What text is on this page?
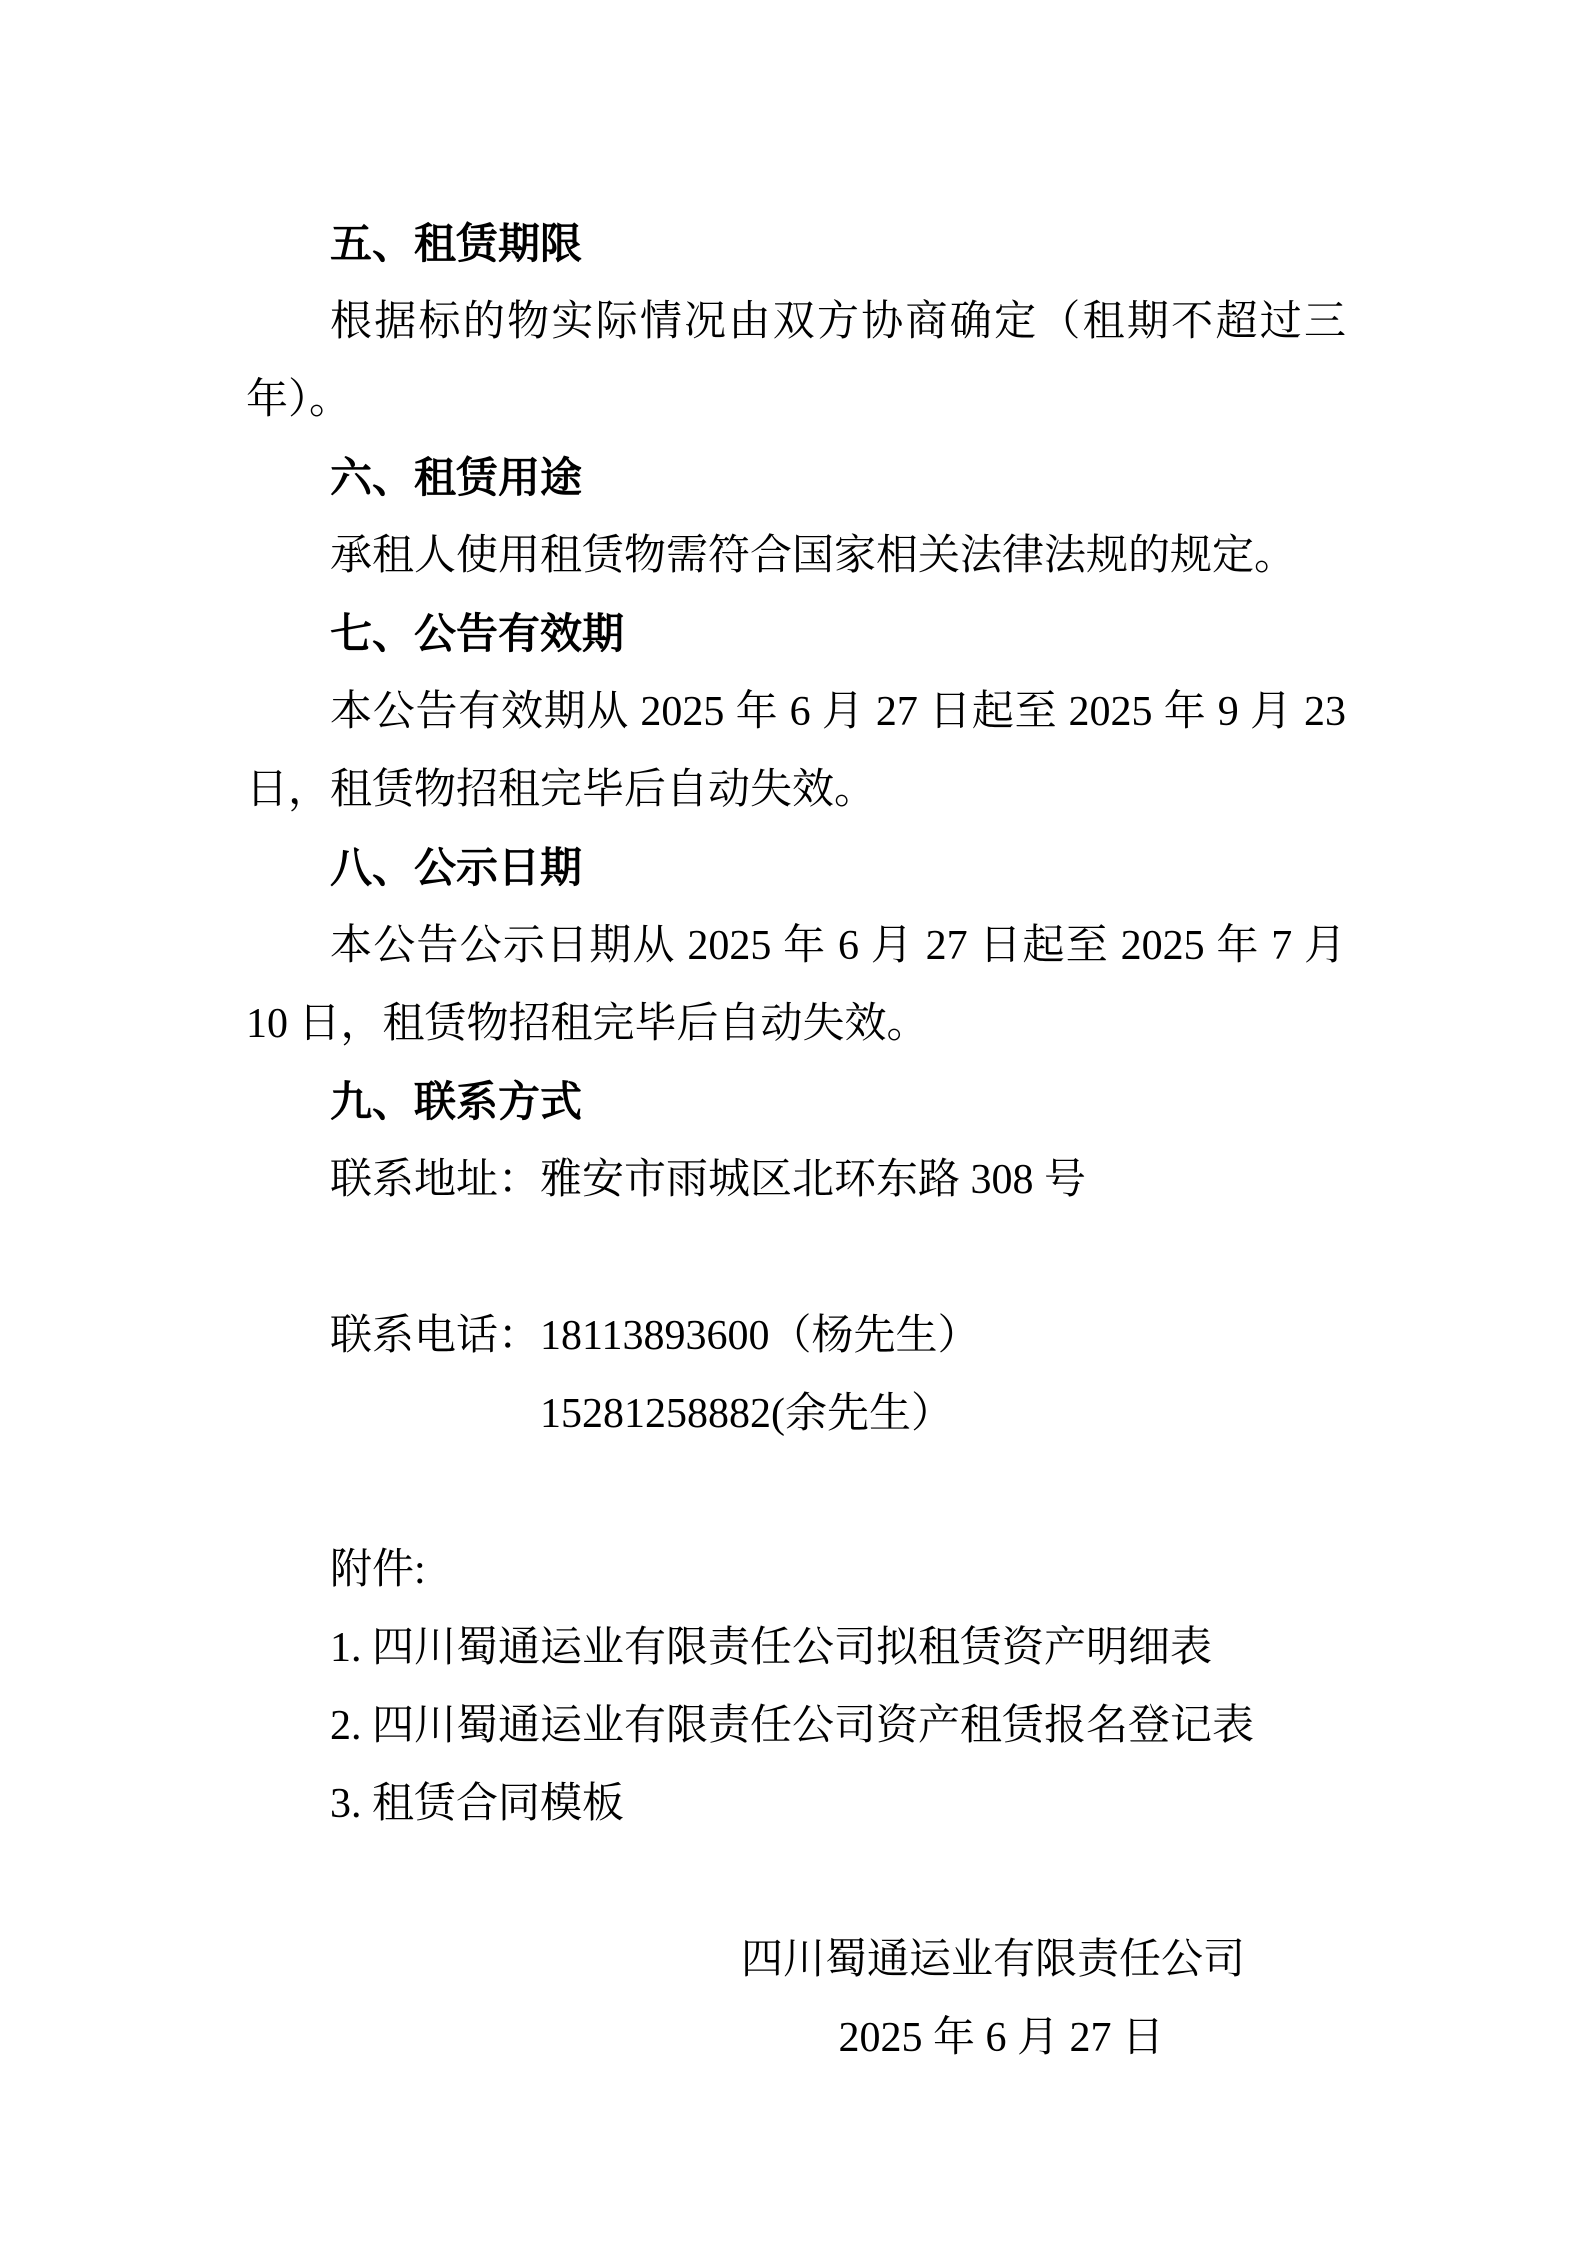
五、租赁期限
根据标的物实际情况由双方协商确定（租期不超过三
年）。
六、租赁用途
承租人使用租赁物需符合国家相关法律法规的规定。
七、公告有效期
本公告有效期从 2025 年 6 月 27 日起至 2025 年 9 月 23
日，租赁物招租完毕后自动失效。
八、公示日期
本公告公示日期从 2025 年 6 月 27 日起至 2025 年 7 月
10 日，租赁物招租完毕后自动失效。
九、联系方式
联系地址：雅安市雨城区北环东路 308 号
联系电话：18113893600（杨先生）
15281258882(余先生）
附件:
1. 四川蜀通运业有限责任公司拟租赁资产明细表
2. 四川蜀通运业有限责任公司资产租赁报名登记表
3. 租赁合同模板
四川蜀通运业有限责任公司
2025 年 6 月 27 日
